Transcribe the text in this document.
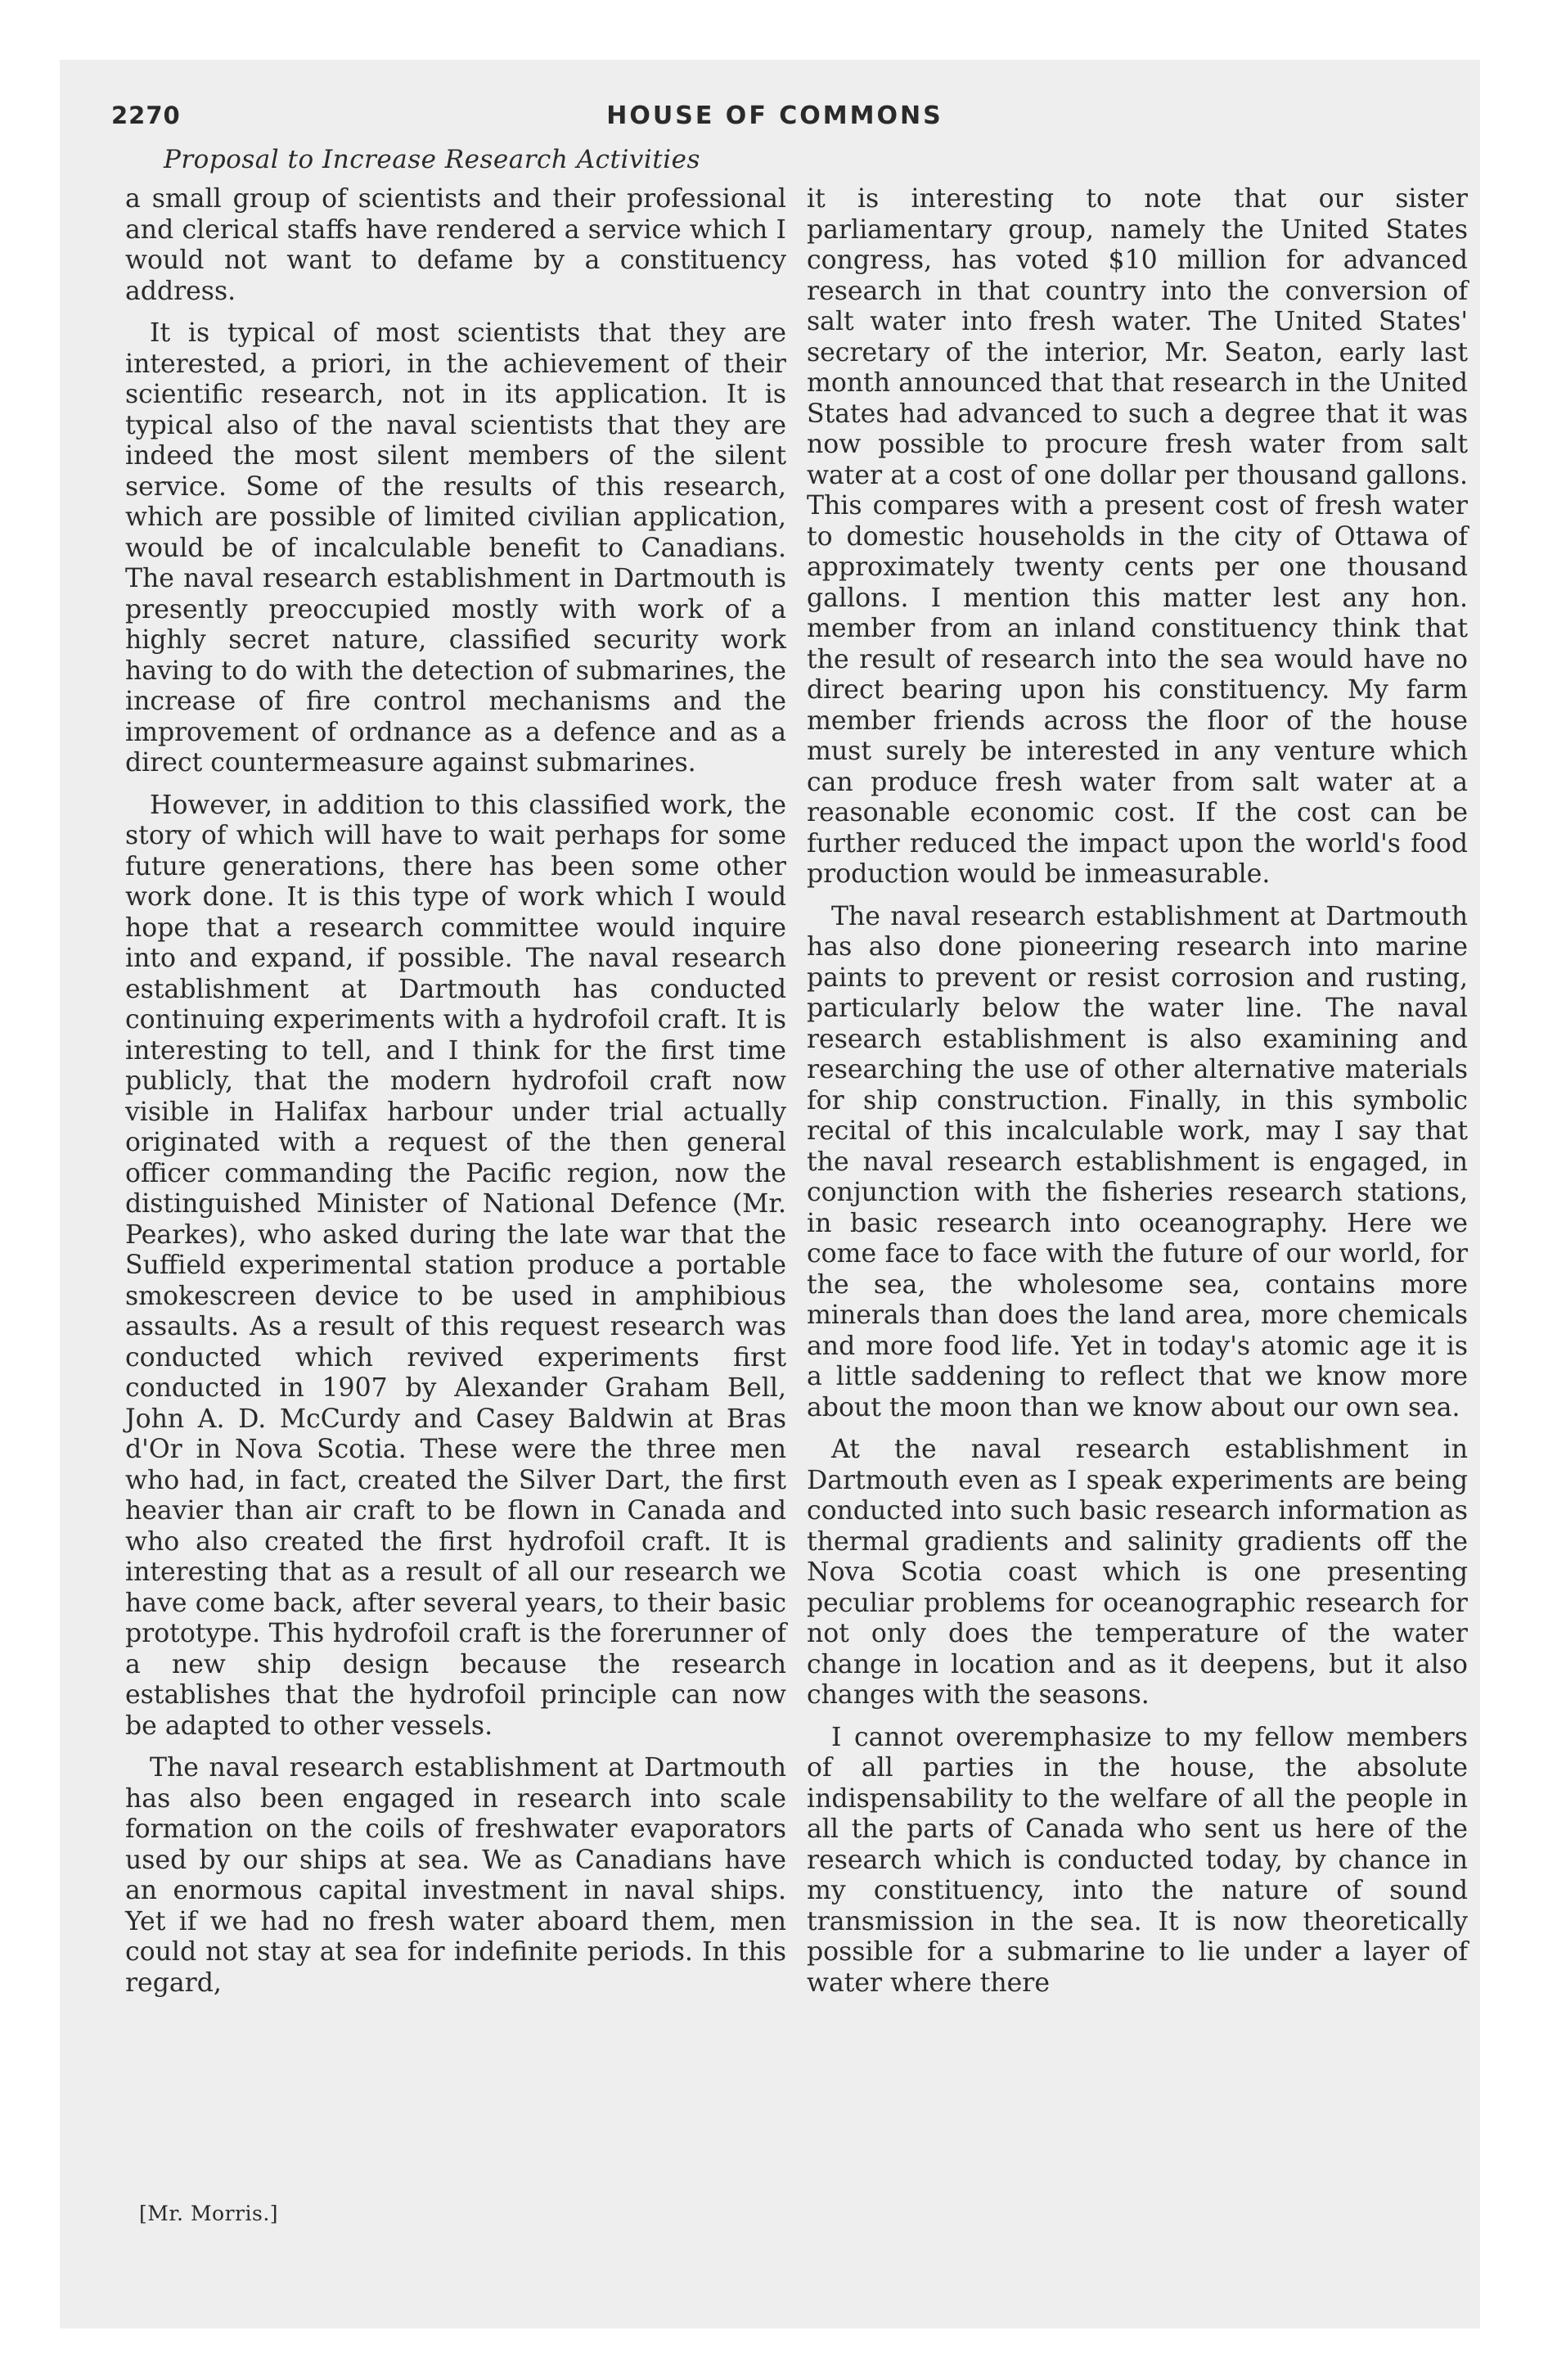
2270	HOUSE OF COMMONS
Proposal to Increase Research Activities

a small group of scientists and their professional and clerical staffs have rendered a service which I would not want to defame by a constituency address.

It is typical of most scientists that they are interested, a priori, in the achievement of their scientific research, not in its application. It is typical also of the naval scientists that they are indeed the most silent members of the silent service. Some of the results of this research, which are possible of limited civilian application, would be of incalculable benefit to Canadians. The naval research establishment in Dartmouth is presently preoccupied mostly with work of a highly secret nature, classified security work having to do with the detection of submarines, the increase of fire control mechanisms and the improvement of ordnance as a defence and as a direct countermeasure against submarines.

However, in addition to this classified work, the story of which will have to wait perhaps for some future generations, there has been some other work done. It is this type of work which I would hope that a research committee would inquire into and expand, if possible. The naval research establishment at Dartmouth has conducted continuing experiments with a hydrofoil craft. It is interesting to tell, and I think for the first time publicly, that the modern hydrofoil craft now visible in Halifax harbour under trial actually originated with a request of the then general officer commanding the Pacific region, now the distinguished Minister of National Defence (Mr. Pearkes), who asked during the late war that the Suffield experimental station produce a portable smokescreen device to be used in amphibious assaults. As a result of this request research was conducted which revived experiments first conducted in 1907 by Alexander Graham Bell, John A. D. McCurdy and Casey Baldwin at Bras d'Or in Nova Scotia. These were the three men who had, in fact, created the Silver Dart, the first heavier than air craft to be flown in Canada and who also created the first hydrofoil craft. It is interesting that as a result of all our research we have come back, after several years, to their basic prototype. This hydrofoil craft is the forerunner of a new ship design because the research establishes that the hydrofoil principle can now be adapted to other vessels.

The naval research establishment at Dartmouth has also been engaged in research into scale formation on the coils of freshwater evaporators used by our ships at sea. We as Canadians have an enormous capital investment in naval ships. Yet if we had no fresh water aboard them, men could not stay at sea for indefinite periods. In this regard,

it is interesting to note that our sister parliamentary group, namely the United States congress, has voted $10 million for advanced research in that country into the conversion of salt water into fresh water. The United States' secretary of the interior, Mr. Seaton, early last month announced that that research in the United States had advanced to such a degree that it was now possible to procure fresh water from salt water at a cost of one dollar per thousand gallons. This compares with a present cost of fresh water to domestic households in the city of Ottawa of approximately twenty cents per one thousand gallons. I mention this matter lest any hon. member from an inland constituency think that the result of research into the sea would have no direct bearing upon his constituency. My farm member friends across the floor of the house must surely be interested in any venture which can produce fresh water from salt water at a reasonable economic cost. If the cost can be further reduced the impact upon the world's food production would be inmeasurable.

The naval research establishment at Dartmouth has also done pioneering research into marine paints to prevent or resist corrosion and rusting, particularly below the water line. The naval research establishment is also examining and researching the use of other alternative materials for ship construction. Finally, in this symbolic recital of this incalculable work, may I say that the naval research establishment is engaged, in conjunction with the fisheries research stations, in basic research into oceanography. Here we come face to face with the future of our world, for the sea, the wholesome sea, contains more minerals than does the land area, more chemicals and more food life. Yet in today's atomic age it is a little saddening to reflect that we know more about the moon than we know about our own sea.

At the naval research establishment in Dartmouth even as I speak experiments are being conducted into such basic research information as thermal gradients and salinity gradients off the Nova Scotia coast which is one presenting peculiar problems for oceanographic research for not only does the temperature of the water change in location and as it deepens, but it also changes with the seasons.

I cannot overemphasize to my fellow members of all parties in the house, the absolute indispensability to the welfare of all the people in all the parts of Canada who sent us here of the research which is conducted today, by chance in my constituency, into the nature of sound transmission in the sea. It is now theoretically possible for a submarine to lie under a layer of water where there

[Mr. Morris.]
